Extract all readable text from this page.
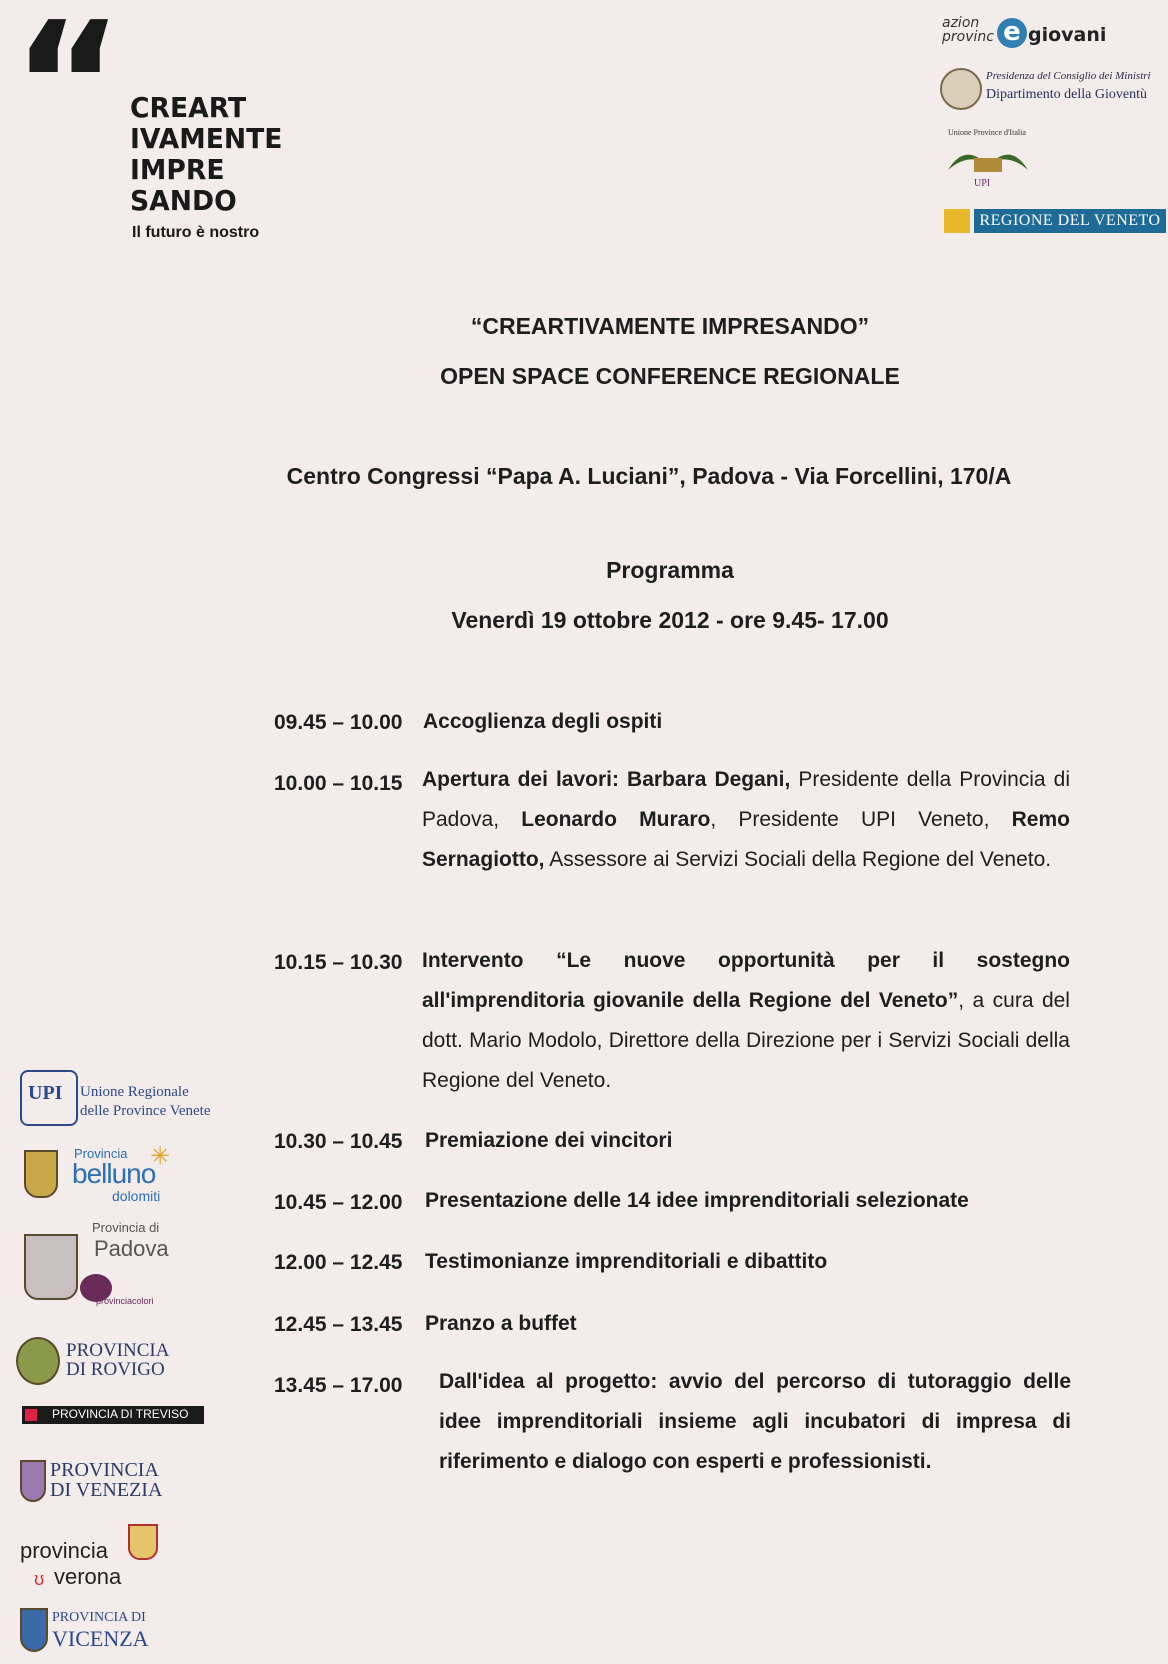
“ CREART
IVAMENTE
IMPRE
SANDO
Il futuro è nostro
azion
provinc e giovani
Presidenza del Consiglio dei Ministri
Dipartimento della Gioventù
Unione Province d'Italia
UPI
REGIONE DEL VENETO
“CREARTIVAMENTE IMPRESANDO”
OPEN SPACE CONFERENCE REGIONALE
Centro Congressi “Papa A. Luciani”, Padova - Via Forcellini, 170/A
Programma
Venerdì 19 ottobre 2012 - ore 9.45- 17.00
09.45 – 10.00 Accoglienza degli ospiti
10.00 – 10.15 Apertura dei lavori: Barbara Degani, Presidente della Provincia di Padova, Leonardo Muraro, Presidente UPI Veneto, Remo Sernagiotto, Assessore ai Servizi Sociali della Regione del Veneto.
10.15 – 10.30 Intervento “Le nuove opportunità per il sostegno all'imprenditoria giovanile della Regione del Veneto”, a cura del dott. Mario Modolo, Direttore della Direzione per i Servizi Sociali della Regione del Veneto.
10.30 – 10.45 Premiazione dei vincitori
10.45 – 12.00 Presentazione delle 14 idee imprenditoriali selezionate
12.00 – 12.45 Testimonianze imprenditoriali e dibattito
12.45 – 13.45 Pranzo a buffet
13.45 – 17.00 Dall'idea al progetto: avvio del percorso di tutoraggio delle idee imprenditoriali insieme agli incubatori di impresa di riferimento e dialogo con esperti e professionisti.
UPI Unione Regionale
delle Province Venete
Provincia
belluno
dolomiti
✳
Provincia di
Padova
provinciacolori
PROVINCIA
DI ROVIGO
PROVINCIA DI TREVISO
PROVINCIA
DI VENEZIA
provincia
ʊ verona
PROVINCIA DI
VICENZA
